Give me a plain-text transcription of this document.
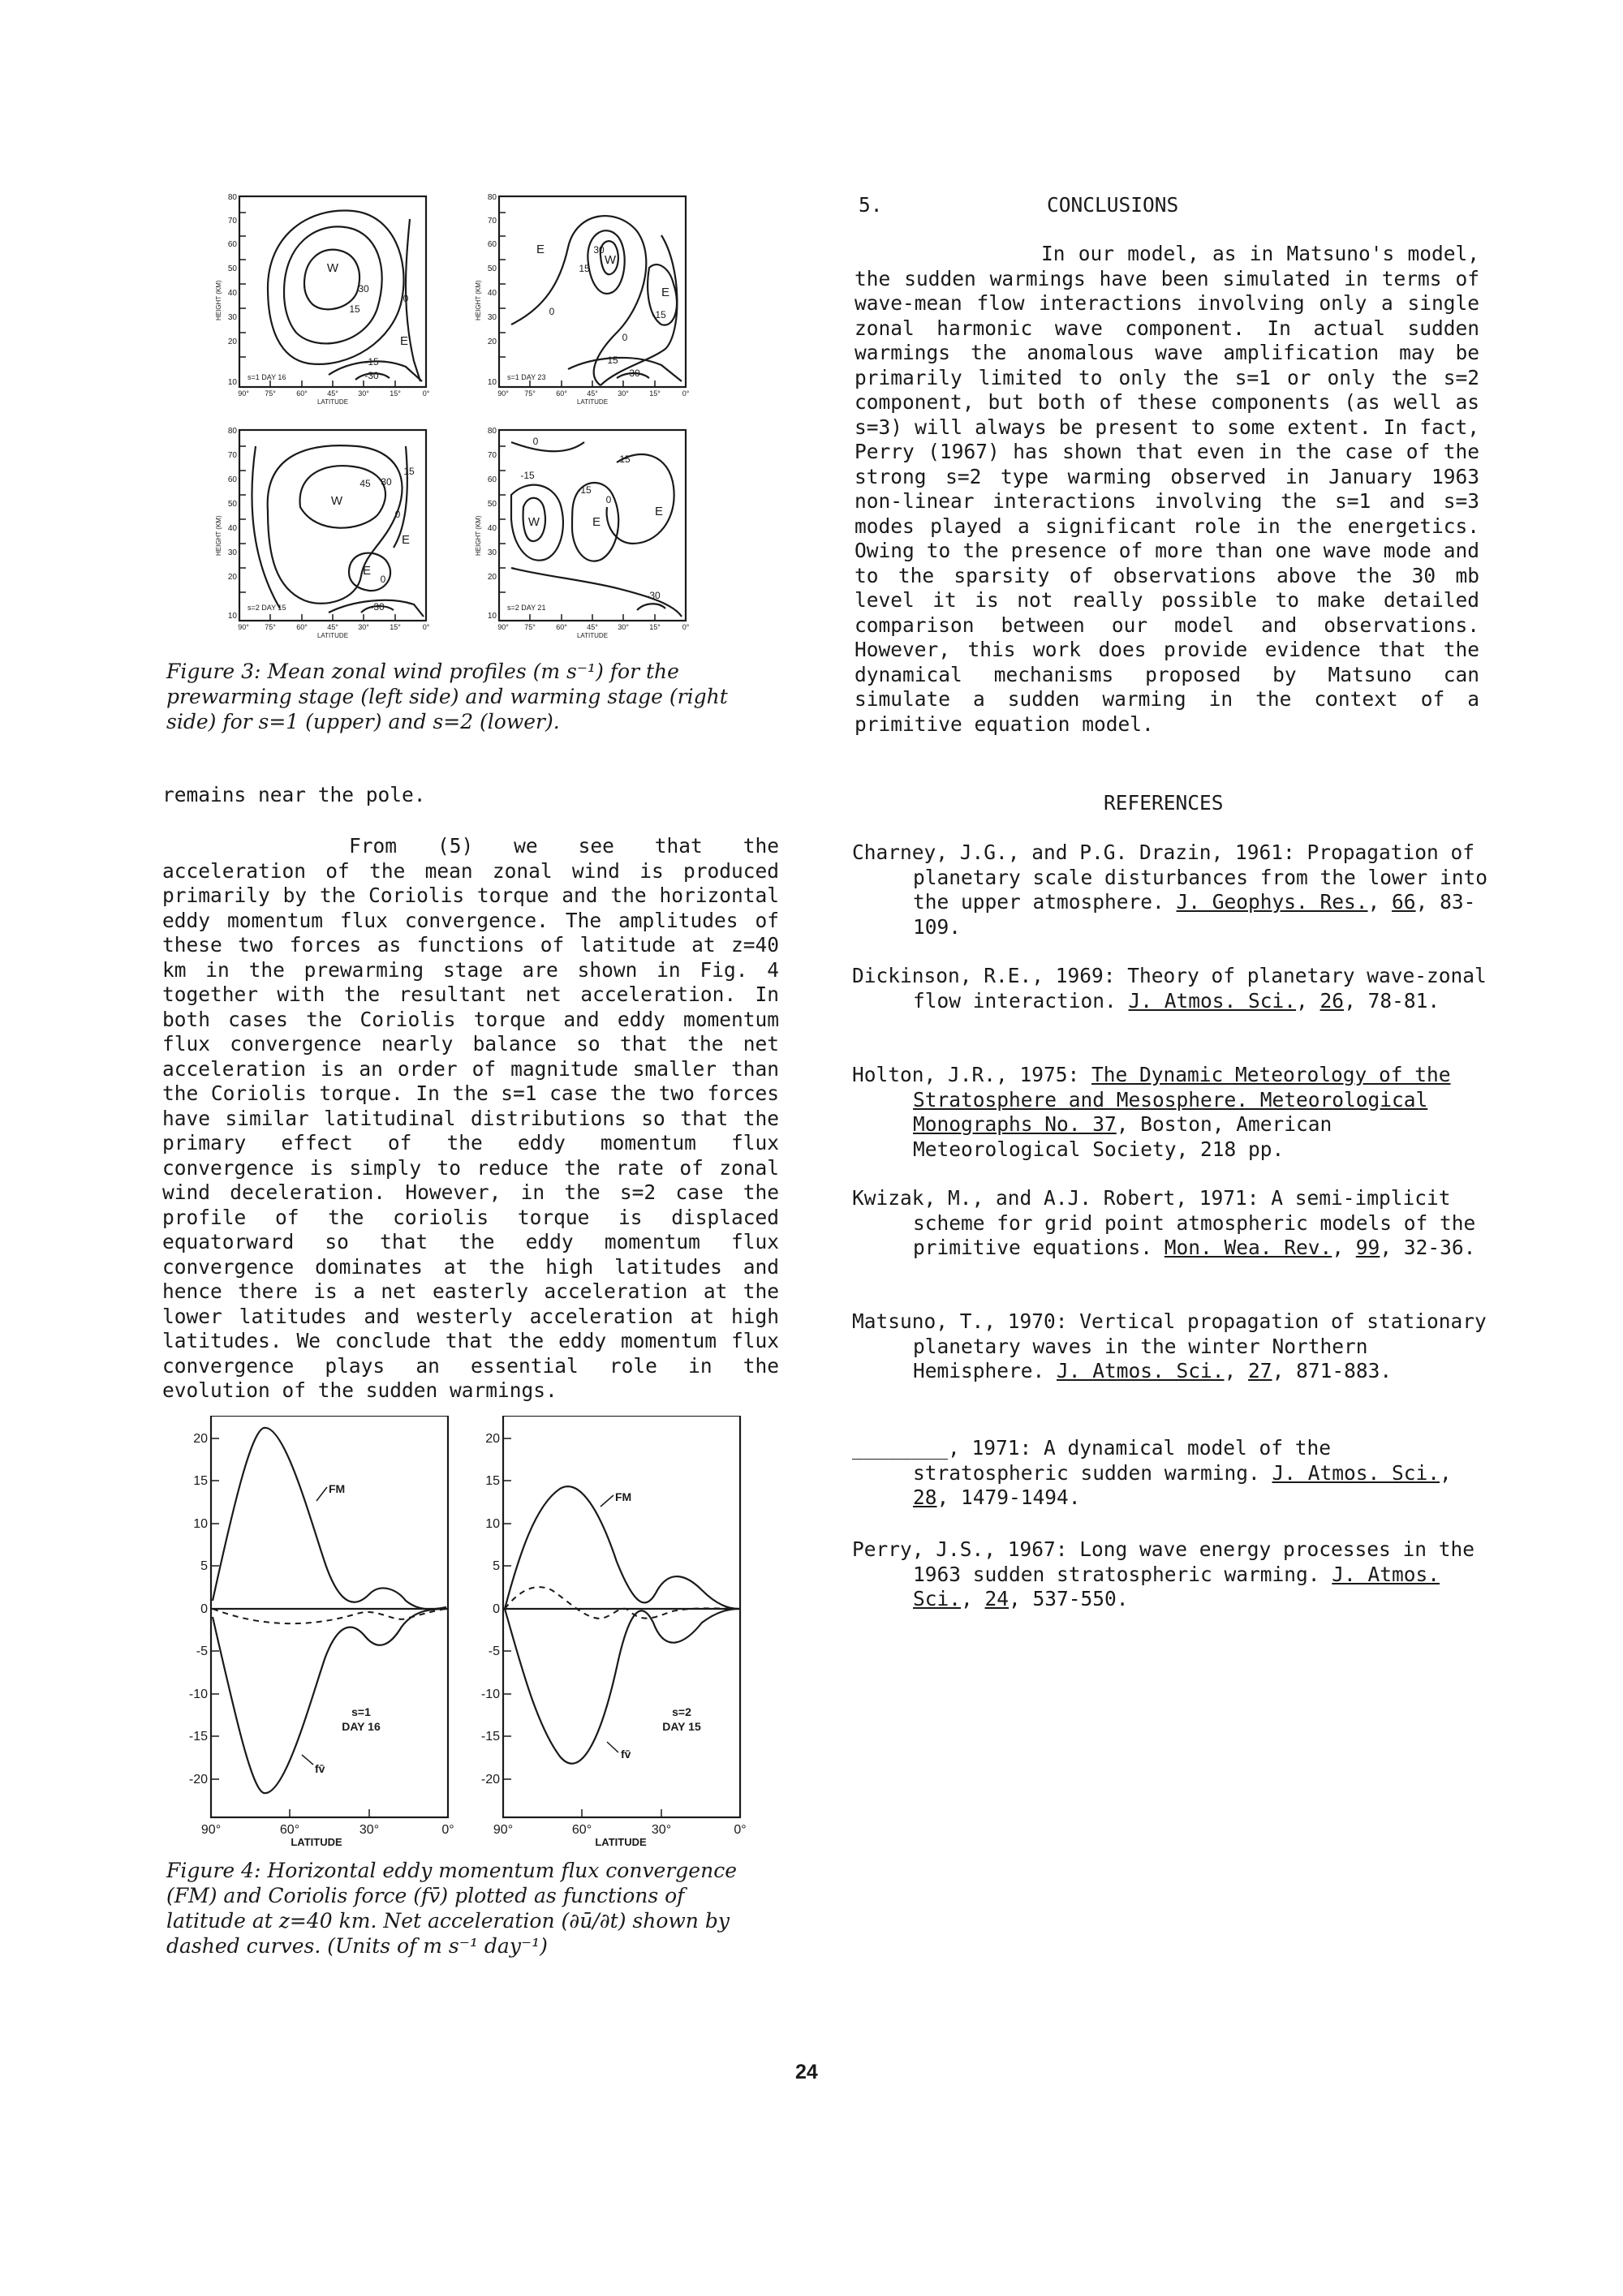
80
70
60
50
40
30
20
10
80
70
60
50
40
30
20
10
80
70
60
50
40
30
20
10
80
70
60
50
40
30
20
10
HEIGHT (KM)	HEIGHT (KM)
HEIGHT (KM)	HEIGHT (KM)
90° 75°	60°	45°	30°	15°	0°	90° 75°	60°	45°	30°	15°	0°
90° 75°	60°	45°	30°	15°	0°	90° 75°	60°	45°	30°	15°	0°
LATITUDE	LATITUDE
LATITUDE	LATITUDE
s=1 DAY 16	s=1 DAY 23
s=2 DAY 15	s=2 DAY 21
W
30
15
0
E
-15
-30
E
15
30
W
0	-15
E
0
15
-30
W
45 30
15
0
E
E
0
-30
0
15
-15
W	E
-15
E
0
-30
Figure 3: Mean zonal wind profiles (m s⁻¹) for the prewarming stage (left side) and warming stage (right side) for s=1 (upper) and s=2 (lower).
remains near the pole.
From (5) we see that the acceleration of the mean zonal wind is produced primarily by the Coriolis torque and the horizontal eddy momentum flux convergence. The amplitudes of these two forces as functions of latitude at z=40 km in the prewarming stage are shown in Fig. 4 together with the resultant net acceleration. In both cases the Coriolis torque and eddy momentum flux convergence nearly balance so that the net acceleration is an order of magnitude smaller than the Coriolis torque. In the s=1 case the two forces have similar latitudinal distributions so that the primary effect of the eddy momentum flux convergence is simply to reduce the rate of zonal wind deceleration. However, in the s=2 case the profile of the coriolis torque is displaced equatorward so that the eddy momentum flux convergence dominates at the high latitudes and hence there is a net easterly acceleration at the lower latitudes and westerly acceleration at high latitudes. We conclude that the eddy momentum flux convergence plays an essential role in the evolution of the sudden warmings.
20
15
10
5
0
-5
-10
-15
-20
20
15
10
5
0
-5
-10
-15
-20
90°	60°	30°	0°	90°	60°	30°	0°
LATITUDE	LATITUDE
FM
fv̄
FM
fv̄
s=1
DAY 16
s=2
DAY 15
Figure 4: Horizontal eddy momentum flux convergence (FM) and Coriolis force (fv̄) plotted as functions of latitude at z=40 km. Net acceleration (∂ū/∂t) shown by dashed curves. (Units of m s⁻¹ day⁻¹)
5.	CONCLUSIONS
In our model, as in Matsuno's model, the sudden warmings have been simulated in terms of wave-mean flow interactions involving only a single zonal harmonic wave component. In actual sudden warmings the anomalous wave amplification may be primarily limited to only the s=1 or only the s=2 component, but both of these components (as well as s=3) will always be present to some extent. In fact, Perry (1967) has shown that even in the case of the strong s=2 type warming observed in January 1963 non-linear interactions involving the s=1 and s=3 modes played a significant role in the energetics. Owing to the presence of more than one wave mode and to the sparsity of observations above the 30 mb level it is not really possible to make detailed comparison between our model and observations. However, this work does provide evidence that the dynamical mechanisms proposed by Matsuno can simulate a sudden warming in the context of a primitive equation model.
REFERENCES
Charney, J.G., and P.G. Drazin, 1961: Propagation of planetary scale disturbances from the lower into the upper atmosphere. J. Geophys. Res., 66, 83-109.
Dickinson, R.E., 1969: Theory of planetary wave-zonal flow interaction. J. Atmos. Sci., 26, 78-81.
Holton, J.R., 1975: The Dynamic Meteorology of the Stratosphere and Mesosphere. Meteorological Monographs No. 37, Boston, American Meteorological Society, 218 pp.
Kwizak, M., and A.J. Robert, 1971: A semi-implicit scheme for grid point atmospheric models of the primitive equations. Mon. Wea. Rev., 99, 32-36.
Matsuno, T., 1970: Vertical propagation of stationary planetary waves in the winter Northern Hemisphere. J. Atmos. Sci., 27, 871-883.
________, 1971: A dynamical model of the stratospheric sudden warming. J. Atmos. Sci., 28, 1479-1494.
Perry, J.S., 1967: Long wave energy processes in the 1963 sudden stratospheric warming. J. Atmos. Sci., 24, 537-550.
24
